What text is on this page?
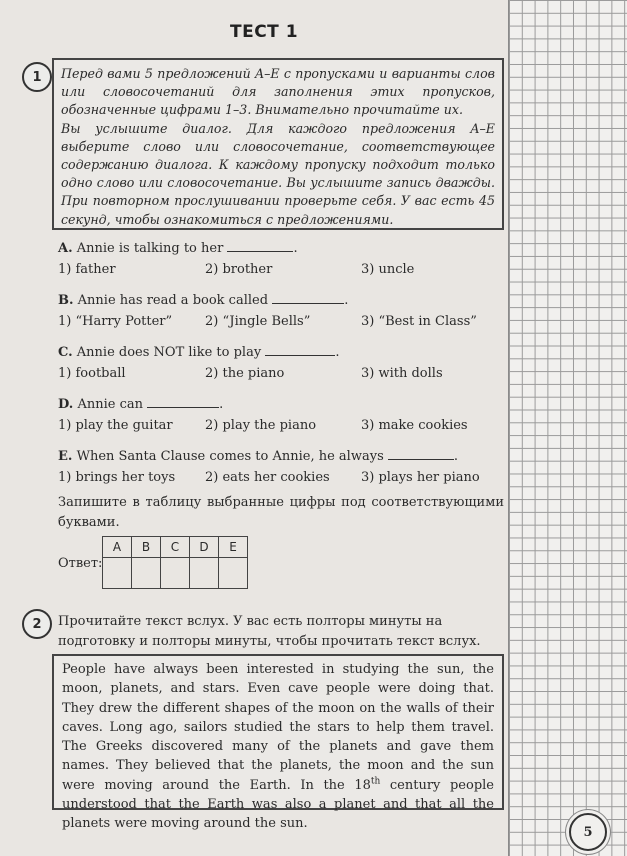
ТЕСТ 1
1	Перед вами 5 предложений A–E с пропусками и варианты слов или словосочетаний для заполнения этих пропусков, обозначенные цифрами 1–3. Внимательно прочитайте их.

Вы услышите диалог. Для каждого предложения A–E выберите слово или словосочетание, соответствующее содержанию диалога. К каждому пропуску подходит только одно слово или словосочетание. Вы услышите запись дважды. При повторном прослушивании проверьте себя. У вас есть 45 секунд, чтобы ознакомиться с предложениями.

A. Annie is talking to her	.
1) father	2) brother	3) uncle
B. Annie has read a book called	.
1) “Harry Potter”	2) “Jingle Bells”	3) “Best in Class”
C. Annie does NOT like to play	.
1) football	2) the piano	3) with dolls
D. Annie can	.
1) play the guitar 2) play the piano	3) make cookies
E. When Santa Clause comes to Annie, he always	.
1) brings her toys 2) eats her cookies 3) plays her piano
Запишите в таблицу выбранные цифры под соответствующими буквами.
Ответ:
A	B	C	D	E

2	Прочитайте текст вслух. У вас есть полторы минуты на подготовку и полторы минуты, чтобы прочитать текст вслух.
People have always been interested in studying the sun, the moon, planets, and stars. Even cave people were doing that. They drew the different shapes of the moon on the walls of their caves. Long ago, sailors studied the stars to help them travel. The Greeks discovered many of the planets and gave them names. They believed that the planets, the moon and the sun were moving around the Earth. In the 18th century people understood that the Earth was also a planet and that all the planets were moving around the sun.
5
